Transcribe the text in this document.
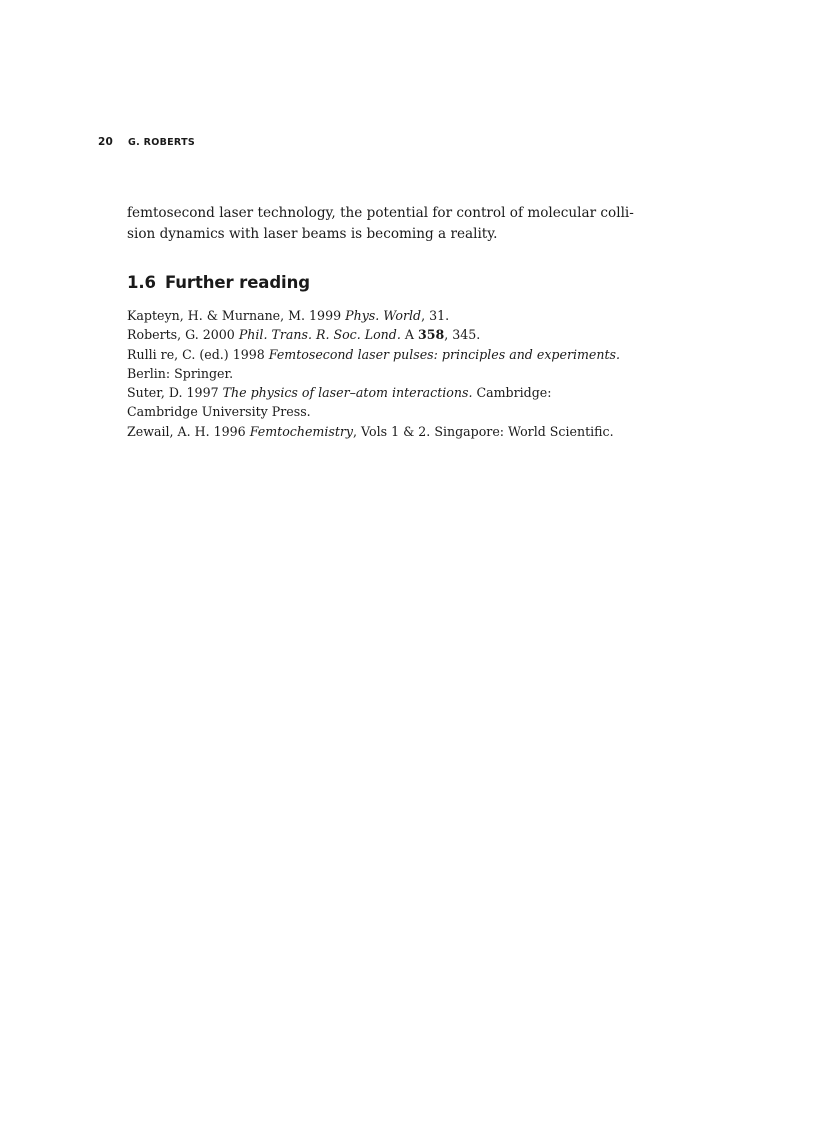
20	G. ROBERTS

femtosecond laser technology, the potential for control of molecular colli-
sion dynamics with laser beams is becoming a reality.

1.6 Further reading
Kapteyn, H. & Murnane, M. 1999 Phys. World, 31.
Roberts, G. 2000 Phil. Trans. R. Soc. Lond. A 358, 345.
Rulli re, C. (ed.) 1998 Femtosecond laser pulses: principles and experiments.
Berlin: Springer.
Suter, D. 1997 The physics of laser–atom interactions. Cambridge:
Cambridge University Press.
Zewail, A. H. 1996 Femtochemistry, Vols 1 & 2. Singapore: World Scientific.
